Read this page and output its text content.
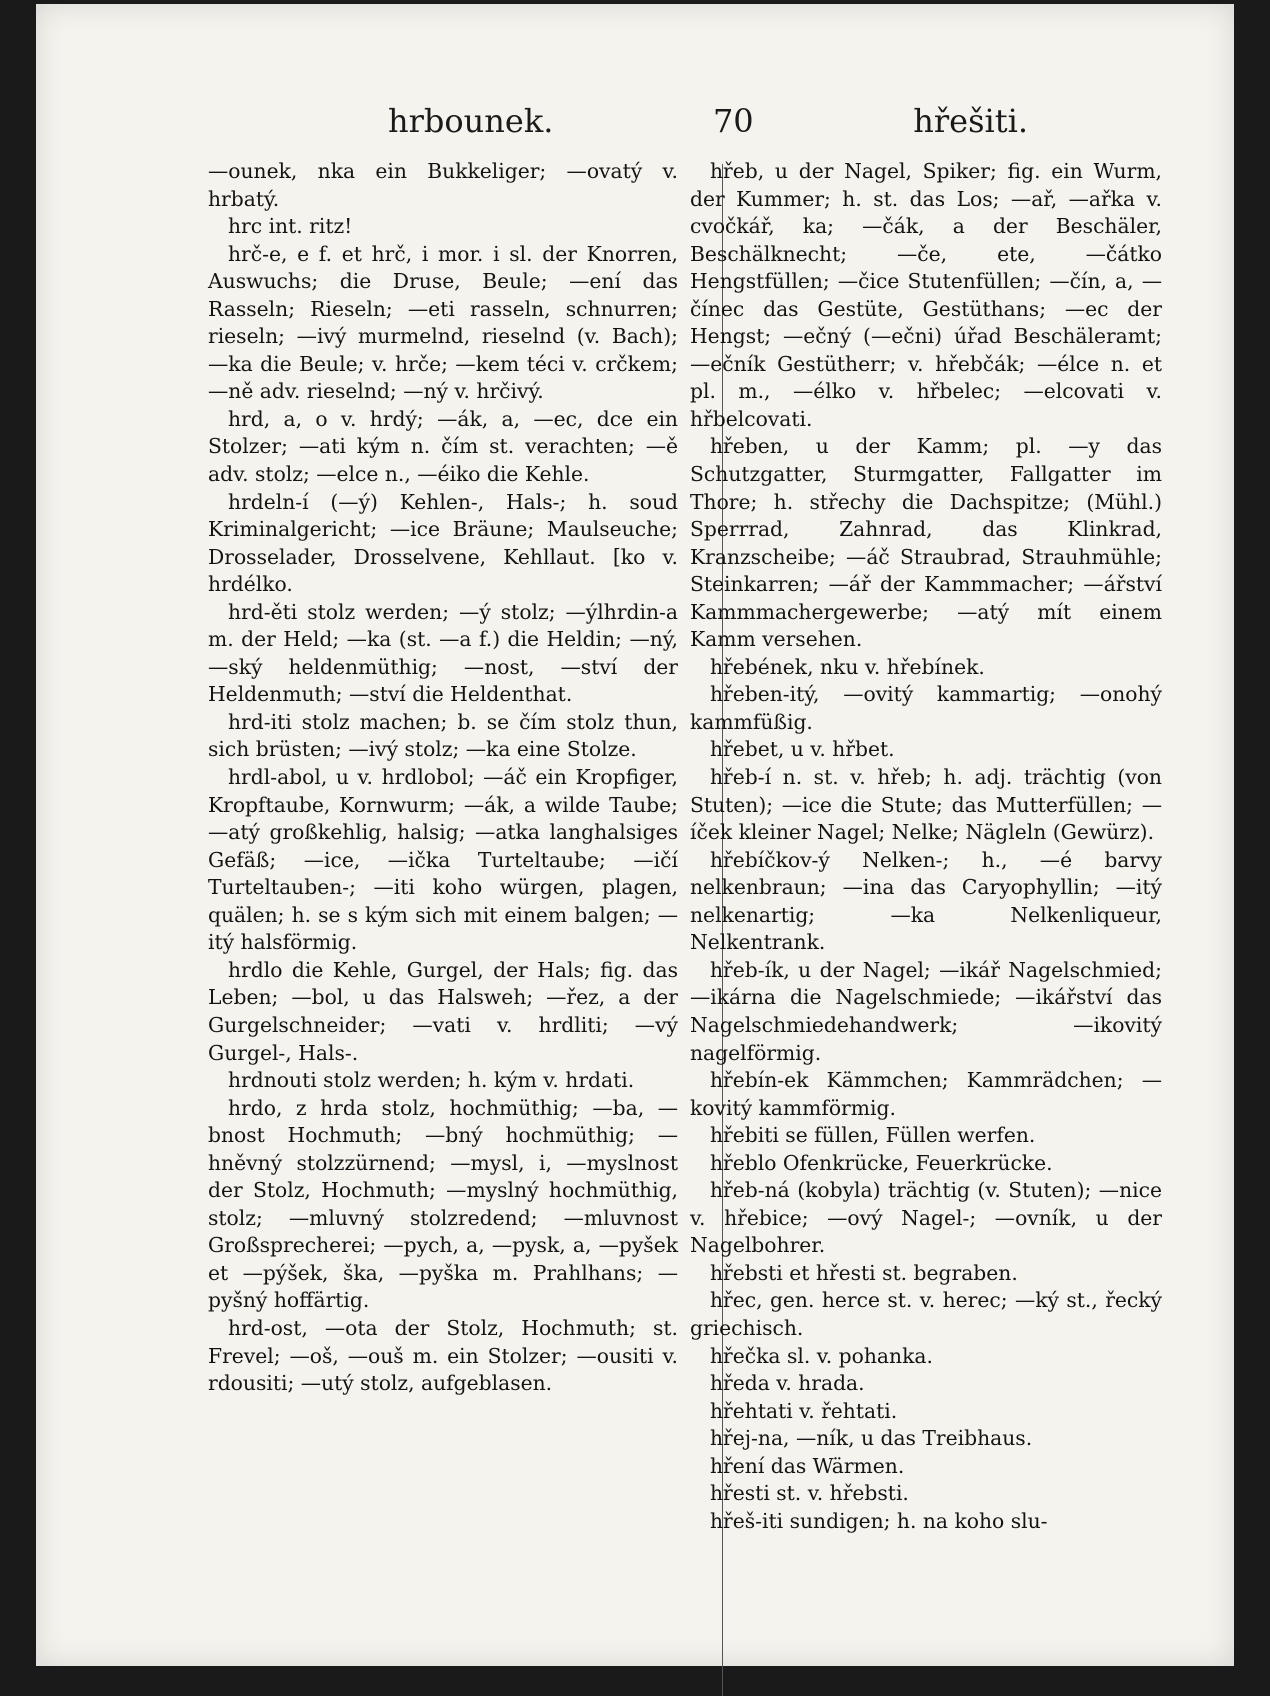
hrbounek.	70	hřešiti.

—ounek, nka ein Bukkeliger; —ovatý v. hrbatý.

hrc int. ritz!

hrč-e, e f. et hrč, i mor. i sl. der Knorren, Auswuchs; die Druse, Beule; —ení das Rasseln; Rieseln; —eti rasseln, schnurren; rieseln; —ivý murmelnd, rieselnd (v. Bach); —ka die Beule; v. hrče; —kem téci v. crčkem; —ně adv. rieselnd; —ný v. hrčivý.

hrd, a, o v. hrdý; —ák, a, —ec, dce ein Stolzer; —ati kým n. čím st. verachten; —ě adv. stolz; —elce n., —éiko die Kehle.

hrdeln-í (—ý) Kehlen-, Hals-; h. soud Kriminalgericht; —ice Bräune; Maulseuche; Drosselader, Drosselvene, Kehllaut. [ko v. hrdélko.

hrd-ěti stolz werden; —ý stolz; —ýlhrdin-a m. der Held; —ka (st. —a f.) die Heldin; —ný, —ský heldenmüthig; —nost, —ství der Heldenmuth; —ství die Heldenthat.

hrd-iti stolz machen; b. se čím stolz thun, sich brüsten; —ivý stolz; —ka eine Stolze.

hrdl-abol, u v. hrdlobol; —áč ein Kropfiger, Kropftaube, Kornwurm; —ák, a wilde Taube; —atý großkehlig, halsig; —atka langhalsiges Gefäß; —ice, —ička Turteltaube; —ičí Turteltauben-; —iti koho würgen, plagen, quälen; h. se s kým sich mit einem balgen; —itý halsförmig.

hrdlo die Kehle, Gurgel, der Hals; fig. das Leben; —bol, u das Halsweh; —řez, a der Gurgelschneider; —vati v. hrdliti; —vý Gurgel-, Hals-.

hrdnouti stolz werden; h. kým v. hrdati.

hrdo, z hrda stolz, hochmüthig; —ba, —bnost Hochmuth; —bný hochmüthig; —hněvný stolzzürnend; —mysl, i, —myslnost der Stolz, Hochmuth; —myslný hochmüthig, stolz; —mluvný stolzredend; —mluvnost Großsprecherei; —pych, a, —pysk, a, —pyšek et —pýšek, ška, —pyška m. Prahlhans; —pyšný hoffärtig.

hrd-ost, —ota der Stolz, Hochmuth; st. Frevel; —oš, —ouš m. ein Stolzer; —ousiti v. rdousiti; —utý stolz, aufgeblasen.

hřeb, u der Nagel, Spiker; fig. ein Wurm, der Kummer; h. st. das Los; —ař, —ařka v. cvočkář, ka; —čák, a der Beschäler, Beschälknecht; —če, ete, —čátko Hengstfüllen; —čice Stutenfüllen; —čín, a, —čínec das Gestüte, Gestüthans; —ec der Hengst; —ečný (—ečni) úřad Beschäleramt; —ečník Gestütherr; v. hřebčák; —élce n. et pl. m., —élko v. hřbelec; —elcovati v. hřbelcovati.

hřeben, u der Kamm; pl. —y das Schutzgatter, Sturmgatter, Fallgatter im Thore; h. střechy die Dachspitze; (Mühl.) Sperrrad, Zahnrad, das Klinkrad, Kranzscheibe; —áč Straubrad, Strauhmühle; Steinkarren; —ář der Kammmacher; —ářství Kammmachergewerbe; —atý mít einem Kamm versehen.

hřebének, nku v. hřebínek.

hřeben-itý, —ovitý kammartig; —onohý kammfüßig.

hřebet, u v. hřbet.

hřeb-í n. st. v. hřeb; h. adj. trächtig (von Stuten); —ice die Stute; das Mutterfüllen; —íček kleiner Nagel; Nelke; Nägleln (Gewürz).

hřebíčkov-ý Nelken-; h., —é barvy nelkenbraun; —ina das Caryophyllin; —itý nelkenartig; —ka Nelkenliqueur, Nelkentrank.

hřeb-ík, u der Nagel; —ikář Nagelschmied; —ikárna die Nagelschmiede; —ikářství das Nagelschmiedehandwerk; —ikovitý nagelförmig.

hřebín-ek Kämmchen; Kammrädchen; —kovitý kammförmig.

hřebiti se füllen, Füllen werfen.

hřeblo Ofenkrücke, Feuerkrücke.

hřeb-ná (kobyla) trächtig (v. Stuten); —nice v. hřebice; —ový Nagel-; —ovník, u der Nagelbohrer.

hřebsti et hřesti st. begraben.

hřec, gen. herce st. v. herec; —ký st., řecký griechisch.

hřečka sl. v. pohanka.

hředa v. hrada.

hřehtati v. řehtati.

hřej-na, —ník, u das Treibhaus.

hření das Wärmen.

hřesti st. v. hřebsti.

hřeš-iti sundigen; h. na koho slu-
